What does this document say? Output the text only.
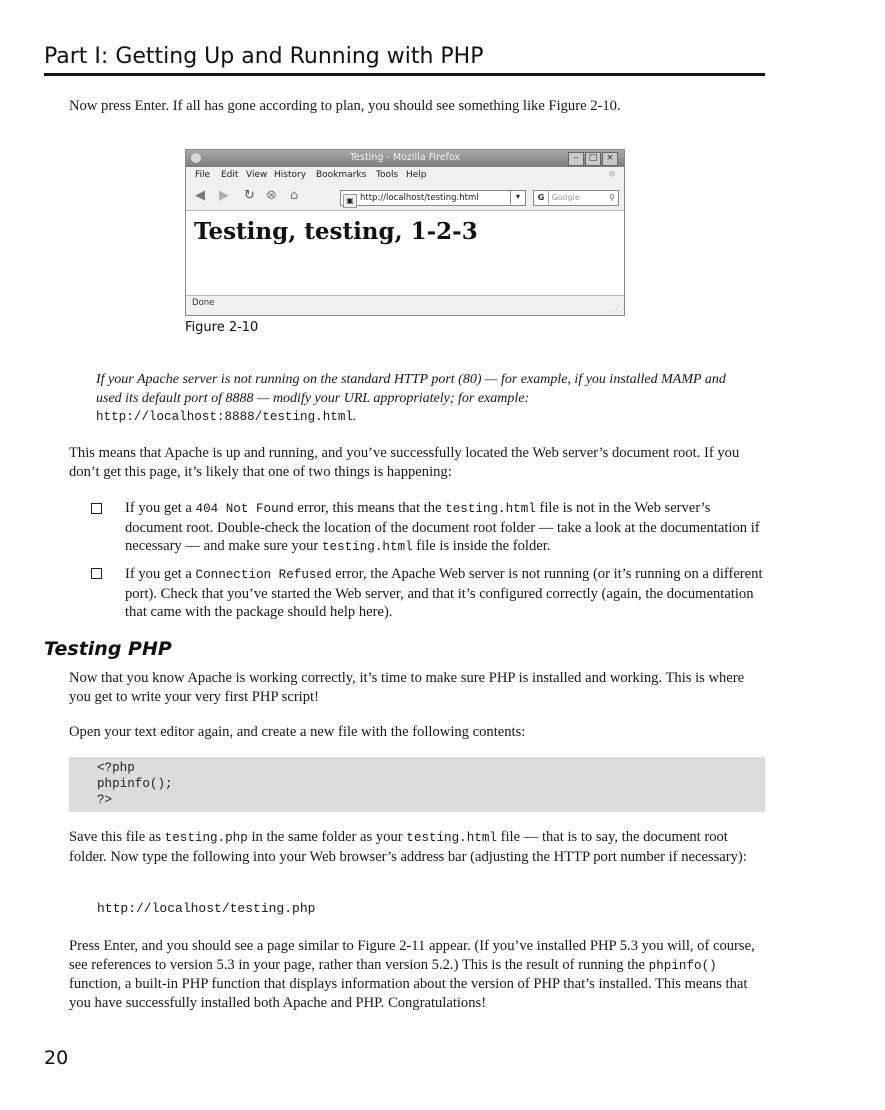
Part I: Getting Up and Running with PHP
Now press Enter. If all has gone according to plan, you should see something like Figure 2-10.
Testing - Mozilla Firefox	–	□ ×
File Edit View History Bookmarks Tools Help	✲
◀ ▶ ↻ ⊗ ⌂	▣ http://localhost/testing.html	▾	G Google	⚲
Testing, testing, 1-2-3
Done
⋰
Figure 2-10
If your Apache server is not running on the standard HTTP port (80) — for example, if you installed MAMP and used its default port of 8888 — modify your URL appropriately; for example: http://localhost:8888/testing.html.
This means that Apache is up and running, and you’ve successfully located the Web server’s document root. If you don’t get this page, it’s likely that one of two things is happening:
If you get a 404 Not Found error, this means that the testing.html file is not in the Web server’s document root. Double-check the location of the document root folder — take a look at the documentation if necessary — and make sure your testing.html file is inside the folder.
If you get a Connection Refused error, the Apache Web server is not running (or it’s running on a different port). Check that you’ve started the Web server, and that it’s configured correctly (again, the documentation that came with the package should help here).
Testing PHP
Now that you know Apache is working correctly, it’s time to make sure PHP is installed and working. This is where you get to write your very first PHP script!
Open your text editor again, and create a new file with the following contents:
<?php
phpinfo();
?>
Save this file as testing.php in the same folder as your testing.html file — that is to say, the document root folder. Now type the following into your Web browser’s address bar (adjusting the HTTP port number if necessary):
http://localhost/testing.php
Press Enter, and you should see a page similar to Figure 2-11 appear. (If you’ve installed PHP 5.3 you will, of course, see references to version 5.3 in your page, rather than version 5.2.) This is the result of running the phpinfo() function, a built-in PHP function that displays information about the version of PHP that’s installed. This means that you have successfully installed both Apache and PHP. Congratulations!
20
